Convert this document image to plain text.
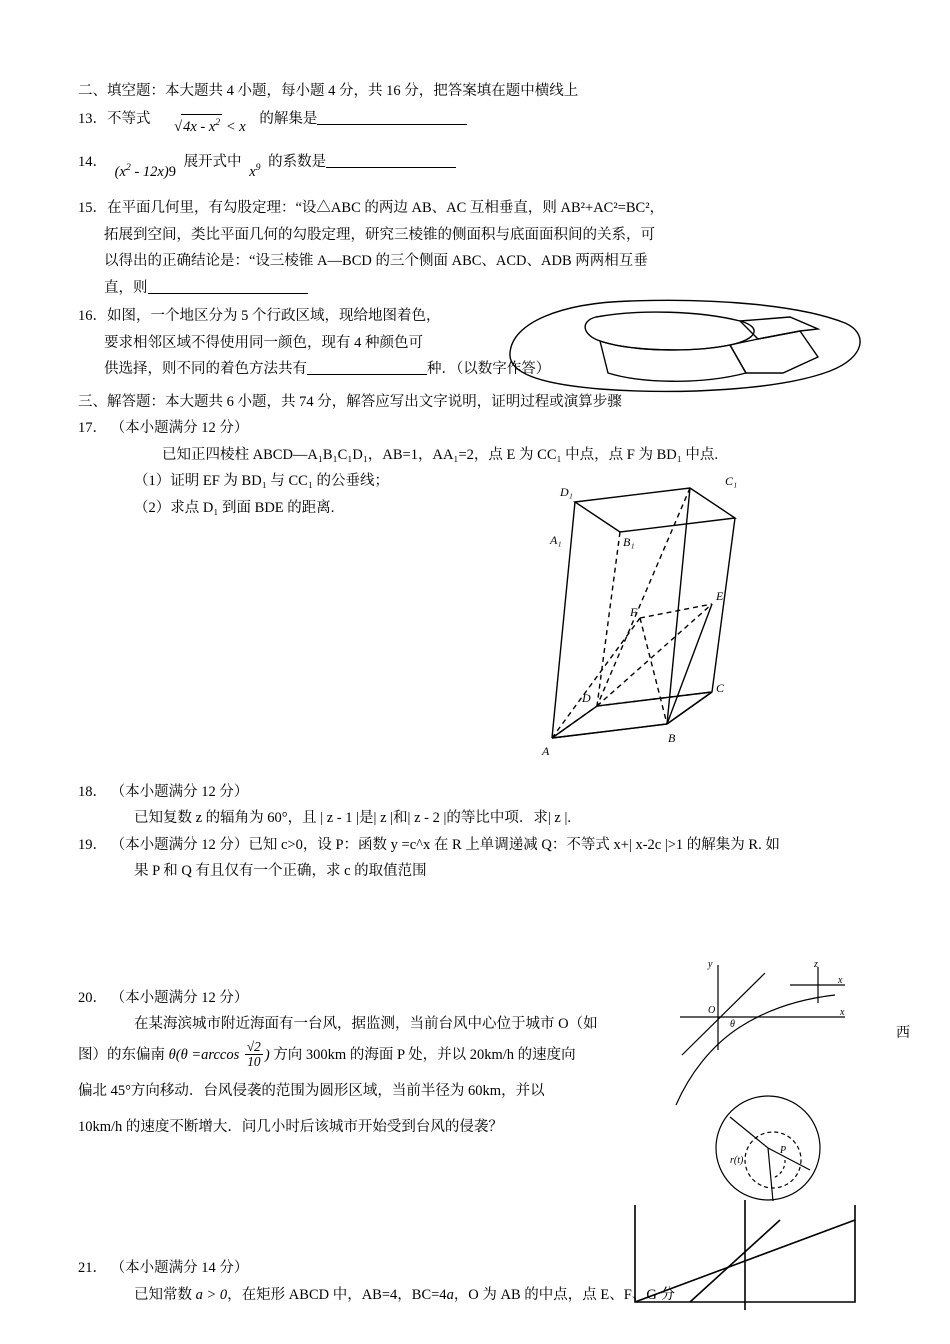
二、填空题：本大题共 4 小题，每小题 4 分，共 16 分，把答案填在题中横线上
13．不等式 $√4x - x^2 < x$ 的解集是
14． $(x^2 - 12x)9$ 展开式中 $x^9$ 的系数是
15．在平面几何里，有勾股定理：“设△ABC 的两边 AB、AC 互相垂直，则 AB²+AC²=BC²，
拓展到空间，类比平面几何的勾股定理，研究三棱锥的侧面积与底面面积间的关系，可
以得出的正确结论是：“设三棱锥 A—BCD 的三个侧面 ABC、ACD、ADB 两两相互垂
直，则
16．如图，一个地区分为 5 个行政区域，现给地图着色，
要求相邻区域不得使用同一颜色，现有 4 种颜色可
供选择，则不同的着色方法共有	种．（以数字作答）
三、解答题：本大题共 6 小题，共 74 分，解答应写出文字说明，证明过程或演算步骤
17． （本小题满分 12 分）
已知正四棱柱 ABCD—A₁B₁C₁D₁，AB=1，AA₁=2，点 E 为 CC₁ 中点，点 F 为 BD₁ 中点.
（1）证明 EF 为 BD₁ 与 CC₁ 的公垂线；
（2）求点 D₁ 到面 BDE 的距离.
18． （本小题满分 12 分）
已知复数 z 的辐角为 60°，且 | z - 1 |是| z |和| z - 2 |的等比中项．求| z |.
19． （本小题满分 12 分）已知 c>0，设 P：函数 y =c^x 在 R 上单调递减 Q：不等式 x+| x-2c |>1 的解集为 R. 如
果 P 和 Q 有且仅有一个正确，求 c 的取值范围
20． （本小题满分 12 分）
在某海滨城市附近海面有一台风，据监测，当前台风中心位于城市 O（如
图）的东偏南 $\theta(\theta =\arccos \frac{√2}{10}$ ) 方向 300km 的海面 P 处，并以 20km/h 的速度向
偏北 45°方向移动．台风侵袭的范围为圆形区域，当前半径为 60km，并以
10km/h 的速度不断增大．问几小时后该城市开始受到台风的侵袭？
21． （本小题满分 14 分）
已知常数 a > 0，在矩形 ABCD 中，AB=4，BC=4a，O 为 AB 的中点，点 E、F、G 分
D₁
C₁
A₁	B₁
E
F
D
C
A
B
y
O
θ
x
x
z
r(t)
P
西
